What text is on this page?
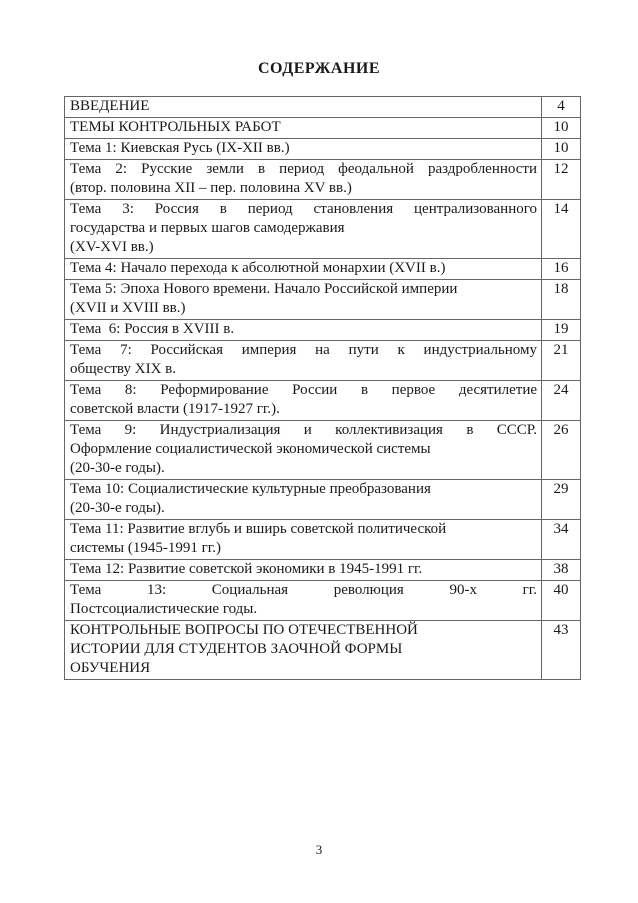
СОДЕРЖАНИЕ
ВВЕДЕНИЕ	4

ТЕМЫ КОНТРОЛЬНЫХ РАБОТ	10

Тема 1: Киевская Русь (IX-XII вв.)	10

Тема 2: Русские земли в период феодальной раздробленности
(втор. половина XII – пер. половина XV вв.)	12

Тема 3: Россия в период становления централизованного
государства и первых шагов самодержавия
(XV-XVI вв.)	14

Тема 4: Начало перехода к абсолютной монархии (XVII в.)	16

Тема 5: Эпоха Нового времени. Начало Российской империи
(XVII и XVIII вв.)	18

Тема  6: Россия в XVIII в.	19

Тема 7: Российская империя на пути к индустриальному
обществу XIX в.	21

Тема 8: Реформирование России в первое десятилетие
советской власти (1917-1927 гг.).	24

Тема 9: Индустриализация и коллективизация в СССР.
Оформление социалистической экономической системы
(20-30-е годы).	26

Тема 10: Социалистические культурные преобразования
(20-30-е годы).	29

Тема 11: Развитие вглубь и вширь советской политической
системы (1945-1991 гг.)	34

Тема 12: Развитие советской экономики в 1945-1991 гг.	38

Тема 13: Социальная революция 90-х гг.
Постсоциалистические годы.	40

КОНТРОЛЬНЫЕ ВОПРОСЫ ПО ОТЕЧЕСТВЕННОЙ
ИСТОРИИ ДЛЯ СТУДЕНТОВ ЗАОЧНОЙ ФОРМЫ
ОБУЧЕНИЯ	43
3
